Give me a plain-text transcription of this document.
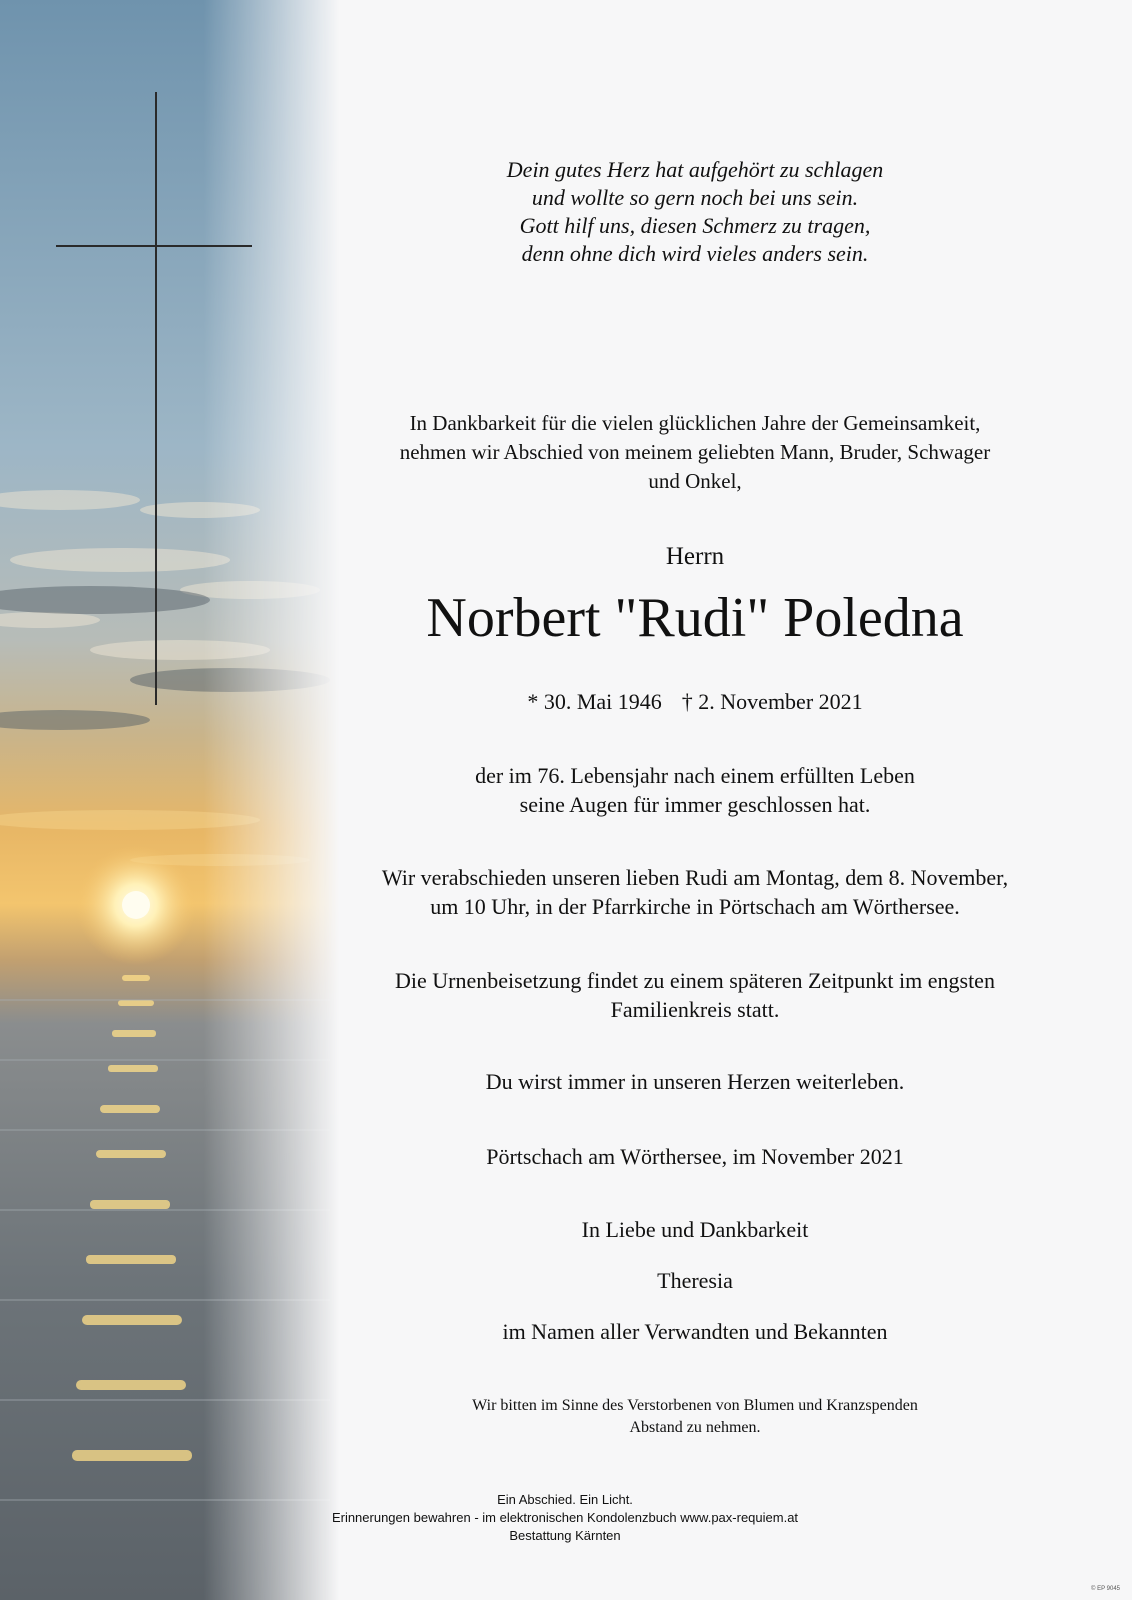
Dein gutes Herz hat aufgehört zu schlagen
und wollte so gern noch bei uns sein.
Gott hilf uns, diesen Schmerz zu tragen,
denn ohne dich wird vieles anders sein.
In Dankbarkeit für die vielen glücklichen Jahre der Gemeinsamkeit,
nehmen wir Abschied von meinem geliebten Mann, Bruder, Schwager
und Onkel,
Herrn
Norbert "Rudi" Poledna
* 30. Mai 1946 † 2. November 2021
der im 76. Lebensjahr nach einem erfüllten Leben
seine Augen für immer geschlossen hat.
Wir verabschieden unseren lieben Rudi am Montag, dem 8. November,
um 10 Uhr, in der Pfarrkirche in Pörtschach am Wörthersee.
Die Urnenbeisetzung findet zu einem späteren Zeitpunkt im engsten
Familienkreis statt.
Du wirst immer in unseren Herzen weiterleben.
Pörtschach am Wörthersee, im November 2021
In Liebe und Dankbarkeit
Theresia
im Namen aller Verwandten und Bekannten
Wir bitten im Sinne des Verstorbenen von Blumen und Kranzspenden
Abstand zu nehmen.
Ein Abschied. Ein Licht.
Erinnerungen bewahren - im elektronischen Kondolenzbuch www.pax-requiem.at
Bestattung Kärnten
© EP 9045
